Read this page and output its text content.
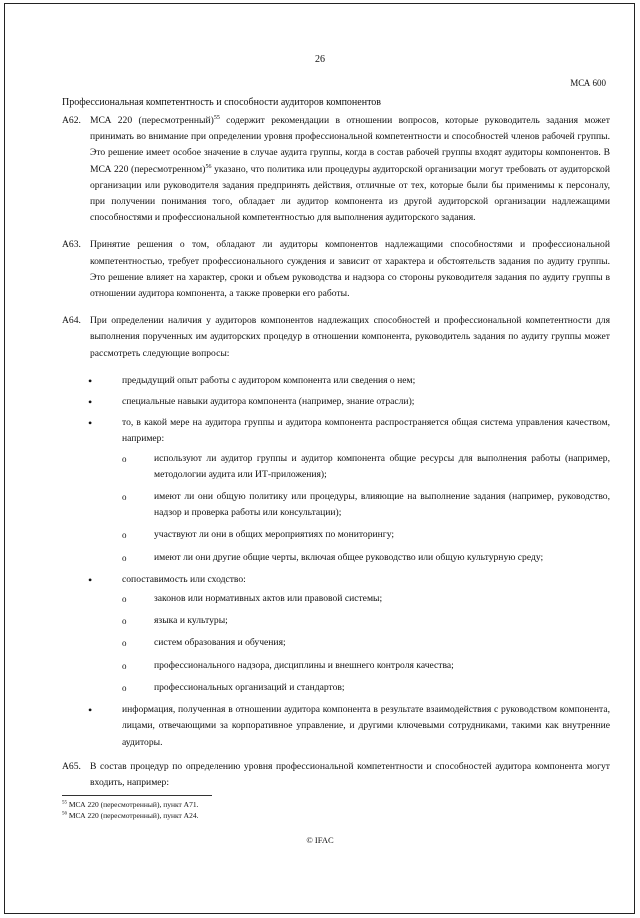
26
МСА 600
Профессиональная компетентность и способности аудиторов компонентов
A62. МСА 220 (пересмотренный)$^{55}$ содержит рекомендации в отношении вопросов, которые руководитель задания может принимать во внимание при определении уровня профессиональной компетентности и способностей членов рабочей группы. Это решение имеет особое значение в случае аудита группы, когда в состав рабочей группы входят аудиторы компонентов. В МСА 220 (пересмотренном)$^{56}$ указано, что политика или процедуры аудиторской организации могут требовать от аудиторской организации или руководителя задания предпринять действия, отличные от тех, которые были бы применимы к персоналу, при получении понимания того, обладает ли аудитор компонента из другой аудиторской организации надлежащими способностями и профессиональной компетентностью для выполнения аудиторского задания.

A63. Принятие решения о том, обладают ли аудиторы компонентов надлежащими способностями и профессиональной компетентностью, требует профессионального суждения и зависит от характера и обстоятельств задания по аудиту группы. Это решение влияет на характер, сроки и объем руководства и надзора со стороны руководителя задания по аудиту группы в отношении аудитора компонента, а также проверки его работы.

A64. При определении наличия у аудиторов компонентов надлежащих способностей и профессиональной компетентности для выполнения порученных им аудиторских процедур в отношении компонента, руководитель задания по аудиту группы может рассмотреть следующие вопросы:

•	предыдущий опыт работы с аудитором компонента или сведения о нем;
•	специальные навыки аудитора компонента (например, знание отрасли);
•	то, в какой мере на аудитора группы и аудитора компонента распространяется общая система управления качеством, например:
o	используют ли аудитор группы и аудитор компонента общие ресурсы для выполнения работы (например, методологии аудита или ИТ-приложения);
o	имеют ли они общую политику или процедуры, влияющие на выполнение задания (например, руководство, надзор и проверка работы или консультации);
o	участвуют ли они в общих мероприятиях по мониторингу;
o	имеют ли они другие общие черты, включая общее руководство или общую культурную среду;
•	сопоставимость или сходство:
o	законов или нормативных актов или правовой системы;
o	языка и культуры;
o	систем образования и обучения;
o	профессионального надзора, дисциплины и внешнего контроля качества;
o	профессиональных организаций и стандартов;
•	информация, полученная в отношении аудитора компонента в результате взаимодействия с руководством компонента, лицами, отвечающими за корпоративное управление, и другими ключевыми сотрудниками, такими как внутренние аудиторы.
A65. В состав процедур по определению уровня профессиональной компетентности и способностей аудитора компонента могут входить, например:

$^{55}$ МСА 220 (пересмотренный), пункт A71.
$^{56}$ МСА 220 (пересмотренный), пункт A24.
© IFAC
